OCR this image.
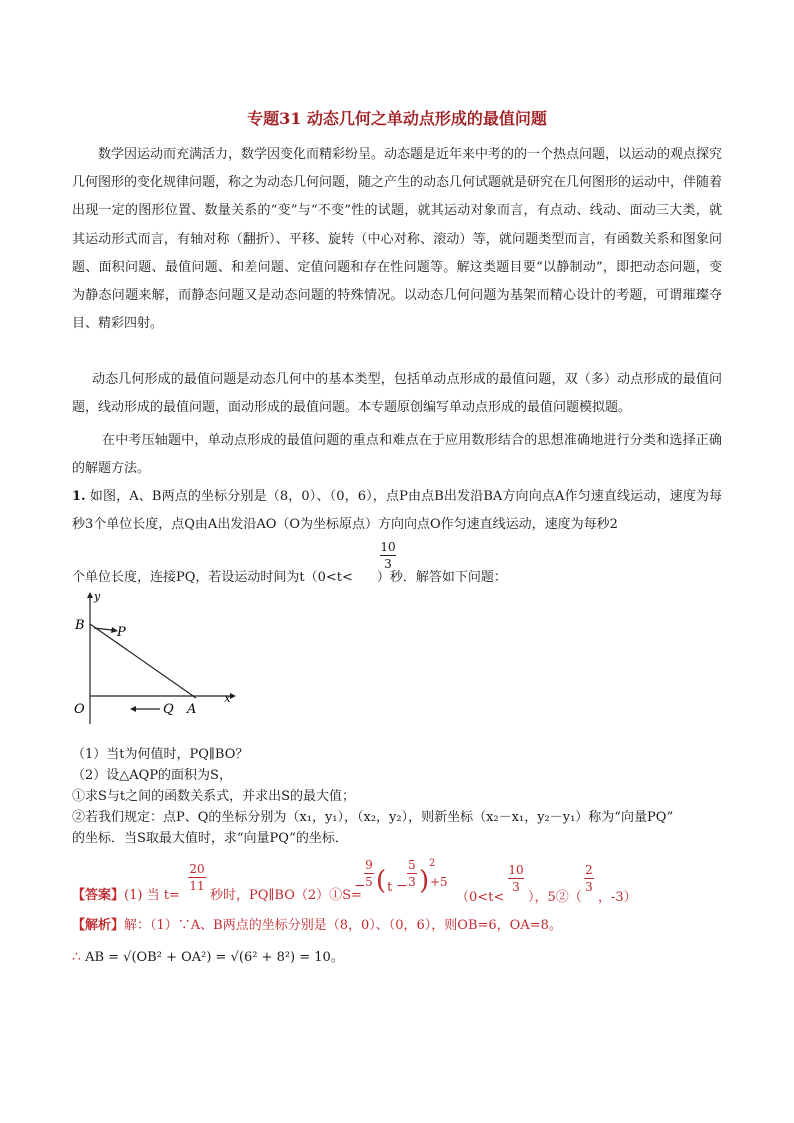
专题31 动态几何之单动点形成的最值问题
数学因运动而充满活力，数学因变化而精彩纷呈。动态题是近年来中考的的一个热点问题，以运动的观点探究几何图形的变化规律问题，称之为动态几何问题，随之产生的动态几何试题就是研究在几何图形的运动中，伴随着出现一定的图形位置、数量关系的“变”与“不变”性的试题，就其运动对象而言，有点动、线动、面动三大类，就其运动形式而言，有轴对称（翻折）、平移、旋转（中心对称、滚动）等，就问题类型而言，有函数关系和图象问题、面积问题、最值问题、和差问题、定值问题和存在性问题等。解这类题目要“以静制动”，即把动态问题，变为静态问题来解，而静态问题又是动态问题的特殊情况。以动态几何问题为基架而精心设计的考题，可谓璀璨夺目、精彩四射。
动态几何形成的最值问题是动态几何中的基本类型，包括单动点形成的最值问题，双（多）动点形成的最值问题，线动形成的最值问题，面动形成的最值问题。本专题原创编写单动点形成的最值问题模拟题。
在中考压轴题中，单动点形成的最值问题的重点和难点在于应用数形结合的思想准确地进行分类和选择正确的解题方法。
1. 如图，A、B两点的坐标分别是（8，0）、（0，6），点P由点B出发沿BA方向向点A作匀速直线运动，速度为每秒3个单位长度，点Q由A出发沿AO（O为坐标原点）方向向点O作匀速直线运动，速度为每秒2
个单位长度，连接PQ，若设运动时间为t（0<t< ）秒．解答如下问题：
10
3
y
x
B P
O	Q A
（1）当t为何值时，PQ∥BO？
（2）设△AQP的面积为S，
①求S与t之间的函数关系式，并求出S的最大值；
②若我们规定：点P、Q的坐标分别为（x₁，y₁），（x₂，y₂），则新坐标（x₂－x₁，y₂－y₁）称为“向量PQ”
的坐标．当S取最大值时，求“向量PQ”的坐标．
【答案】(1) 当 t=
20
11
秒时，PQ∥BO（2）①S=
−
9
5 ( t −
5
3 )
2
+5
（0<t<
10
3
），5②（
2
3
，-3）
【解析】解：（1）∵A、B两点的坐标分别是（8，0）、（0，6），则OB=6，OA=8。
∴ AB = √(OB² + OA²) = √(6² + 8²) = 10。
